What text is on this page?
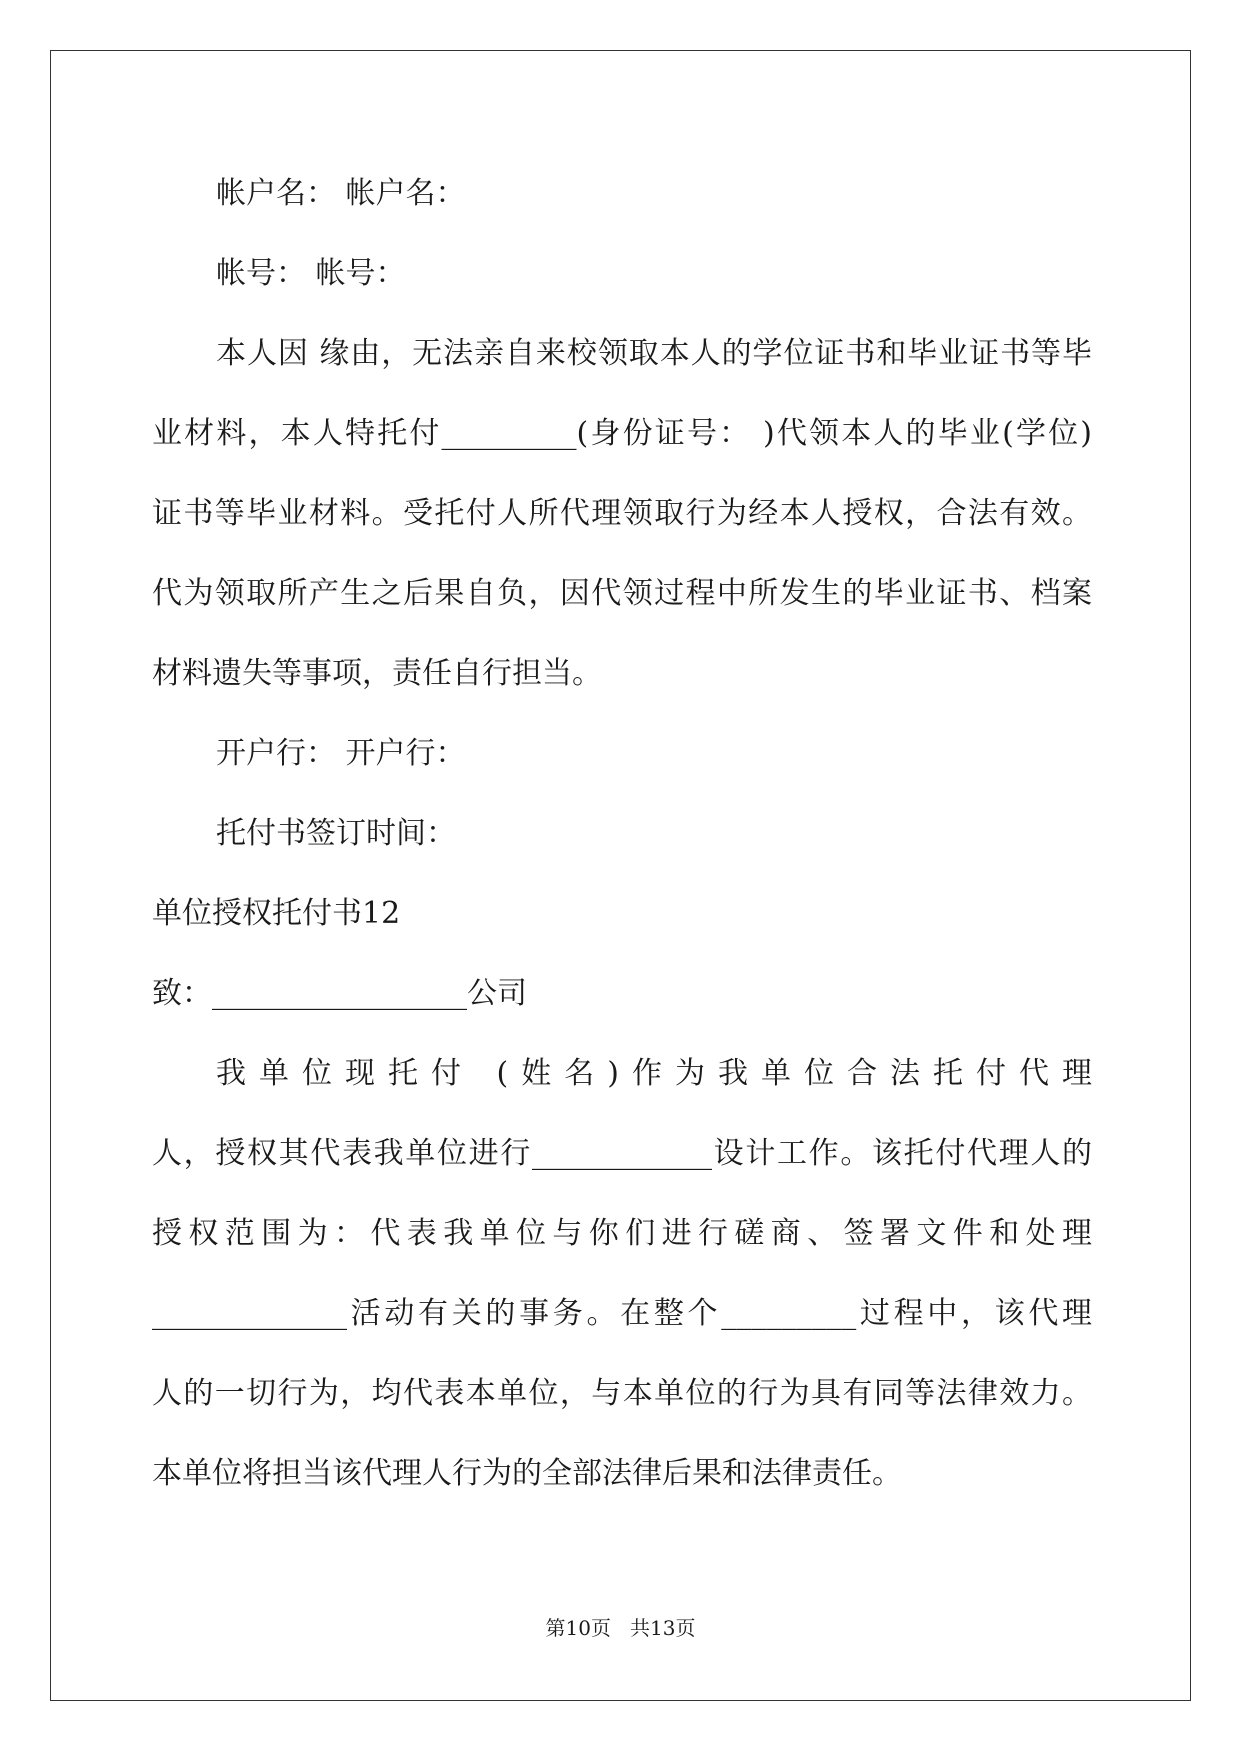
帐户名： 帐户名：
帐号： 帐号：
本人因 缘由，无法亲自来校领取本人的学位证书和毕业证书等毕
业材料，本人特托付_________(身份证号： )代领本人的毕业(学位)
证书等毕业材料。受托付人所代理领取行为经本人授权，合法有效。
代为领取所产生之后果自负，因代领过程中所发生的毕业证书、档案
材料遗失等事项，责任自行担当。
开户行： 开户行：
托付书签订时间：
单位授权托付书12
致：_________________公司
我单位现托付 (姓名)作为我单位合法托付代理
人，授权其代表我单位进行____________设计工作。该托付代理人的
授权范围为：代表我单位与你们进行磋商、签署文件和处理
_____________活动有关的事务。在整个_________过程中，该代理
人的一切行为，均代表本单位，与本单位的行为具有同等法律效力。
本单位将担当该代理人行为的全部法律后果和法律责任。
第10页 共13页
